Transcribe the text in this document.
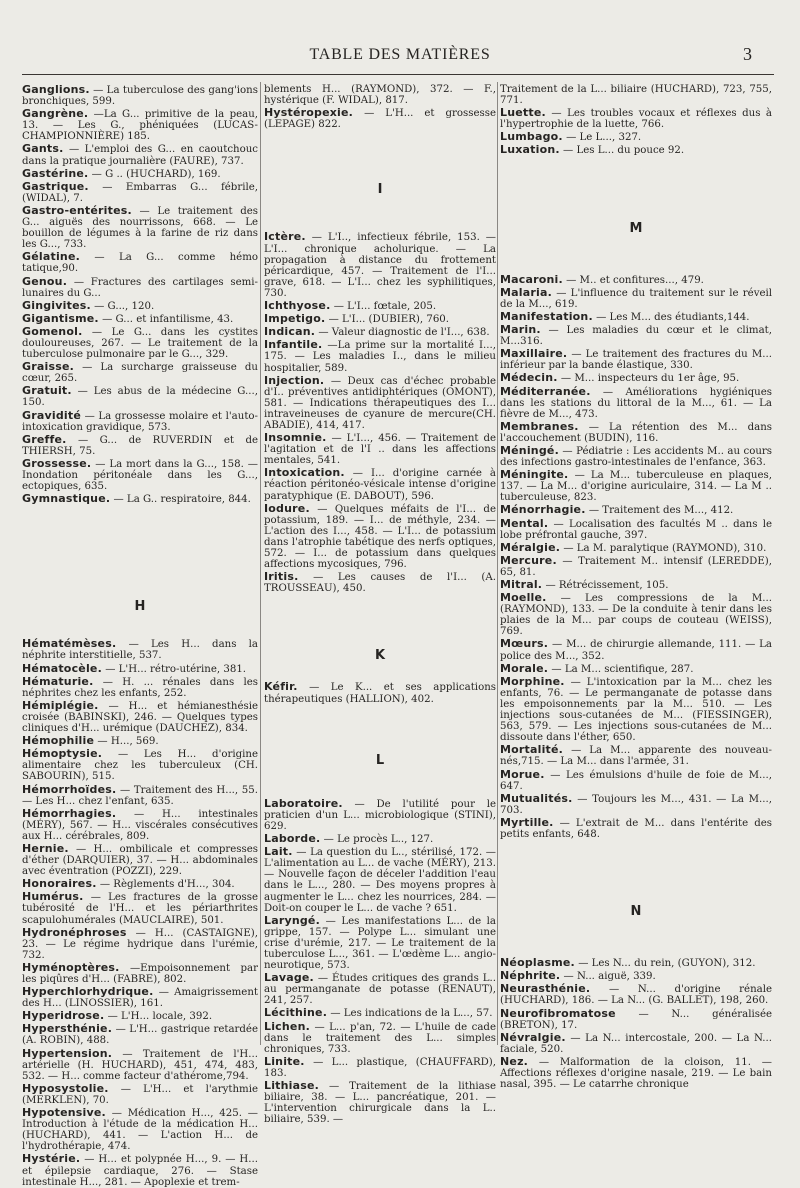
TABLE DES MATIÈRES	3
Ganglions. — La tuberculose des gang'ions bronchiques, 599.
Gangrène. —La G... primitive de la peau, 13. — Les G., phéniquées (LUCAS-CHAMPIONNIÈRE) 185.
Gants. — L'emploi des G... en caoutchouc dans la pratique journalière (FAURE), 737.
Gastérine. — G .. (HUCHARD), 169.
Gastrique. — Embarras G... fébrile, (WIDAL), 7.
Gastro-entérites. — Le traitement des G... aiguës des nourrissons, 668. — Le bouillon de légumes à la farine de riz dans les G..., 733.
Gélatine. — La G... comme hémo tatique,90.
Genou. — Fractures des cartilages semi-lunaires du G...
Gingivites. — G..., 120.
Gigantisme. — G... et infantilisme, 43.
Gomenol. — Le G... dans les cystites douloureuses, 267. — Le traitement de la tuberculose pulmonaire par le G..., 329.
Graisse. — La surcharge graisseuse du cœur, 265.
Gratuit. — Les abus de la médecine G..., 150.
Gravidité — La grossesse molaire et l'auto-intoxication gravidique, 573.
Greffe. — G... de RUVERDIN et de THIERSH, 75.
Grossesse. — La mort dans la G..., 158. — Inondation péritonéale dans les G..., ectopiques, 635.
Gymnastique. — La G.. respiratoire, 844.
H
Hématémèses. — Les H... dans la néphrite interstitielle, 537.
Hématocèle. — L'H... rétro-utérine, 381.
Hématurie. — H. ... rénales dans les néphrites chez les enfants, 252.
Hémiplégie. — H... et hémianesthésie croisée (BABINSKI), 246. — Quelques types cliniques d'H... urémique (DAUCHEZ), 834.
Hémophilie — H..., 569.
Hémoptysie. — Les H... d'origine alimentaire chez les tuberculeux (CH. SABOURIN), 515.
Hémorrhoïdes. — Traitement des H..., 55. — Les H... chez l'enfant, 635.
Hémorrhagies. — H... intestinales (MÉRY), 567. — H... viscérales consécutives aux H... cérébrales, 809.
Hernie. — H... ombilicale et compresses d'éther (DARQUIER), 37. — H... abdominales avec éventration (POZZI), 229.
Honoraires. — Règlements d'H..., 304.
Humérus. — Les fractures de la grosse tubérosité de l'H... et les périarthrites scapulohumérales (MAUCLAIRE), 501.
Hydronéphroses — H... (CASTAIGNE), 23. — Le régime hydrique dans l'urémie, 732.
Hyménoptères. —Empoisonnement par les piqûres d'H... (FABRE), 802.
Hyperchlorhydrique. — Amaigrissement des H... (LINOSSIER), 161.
Hyperidrose. — L'H... locale, 392.
Hypersthénie. — L'H... gastrique retardée (A. ROBIN), 488.
Hypertension. — Traitement de l'H... artérielle (H. HUCHARD), 451, 474, 483, 532. — H... comme facteur d'athérome,794.
Hyposystolie. — L'H... et l'arythmie (MERKLEN), 70.
Hypotensive. — Médication H..., 425. — Introduction à l'étude de la médication H... (HUCHARD), 441. — L'action H... de l'hydrothérapie, 474.
Hystérie. — H... et polypnée H..., 9. — H... et épilepsie cardiaque, 276. — Stase intestinale H..., 281. — Apoplexie et trem-
blements H... (RAYMOND), 372. — F., hystérique (F. WIDAL), 817.
Hystéropexie. — L'H... et grossesse (LEPAGE) 822.
I
Ictère. — L'I.., infectieux fébrile, 153. — L'I... chronique acholurique. — La propagation à distance du frottement péricardique, 457. — Traitement de l'I... grave, 618. — L'I... chez les syphilitiques, 730.
Ichthyose. — L'I... fœtale, 205.
Impetigo. — L'I... (DUBIER), 760.
Indican. — Valeur diagnostic de l'I..., 638.
Infantile. —La prime sur la mortalité I..., 175. — Les maladies I.., dans le milieu hospitalier, 589.
Injection. — Deux cas d'échec probable d'I.. préventives antidiphtériques (OMONT), 581. — Indications thérapeutiques des I... intraveineuses de cyanure de mercure(CH. ABADIE), 414, 417.
Insomnie. — L'I..., 456. — Traitement de l'agitation et de l'I .. dans les affections mentales, 541.
Intoxication. — I... d'origine carnée à réaction péritonéo-vésicale intense d'origine paratyphique (E. DABOUT), 596.
Iodure. — Quelques méfaits de l'I... de potassium, 189. — I... de méthyle, 234. — L'action des I..., 458. — L'I... de potassium dans l'atrophie tabétique des nerfs optiques, 572. — I... de potassium dans quelques affections mycosiques, 796.
Iritis. — Les causes de l'I... (A. TROUSSEAU), 450.
K
Kéfir. — Le K... et ses applications thérapeutiques (HALLION), 402.
L
Laboratoire. — De l'utilité pour le praticien d'un L... microbiologique (STINI), 629.
Laborde. — Le procès L.., 127.
Lait. — La question du L.., stérilisé, 172. — L'alimentation au L... de vache (MÉRY), 213. — Nouvelle façon de déceler l'addition l'eau dans le L..., 280. — Des moyens propres à augmenter le L... chez les nourrices, 284. — Doit-on couper le L... de vache ? 651.
Laryngé. — Les manifestations L... de la grippe, 157. — Polype L... simulant une crise d'urémie, 217. — Le traitement de la tuberculose L..., 361. — L'œdème L... angio-neurotique, 573.
Lavage. — Études critiques des grands L.. au permanganate de potasse (RENAUT), 241, 257.
Lécithine. — Les indications de la L..., 57.
Lichen. — L... p'an, 72. — L'huile de cade dans le traitement des L... simples chroniques, 733.
Linite. — L... plastique, (CHAUFFARD), 183.
Lithiase. — Traitement de la lithiase biliaire, 38. — L... pancréatique, 201. — L'intervention chirurgicale dans la L.. biliaire, 539. —
Traitement de la L... biliaire (HUCHARD), 723, 755, 771.
Luette. — Les troubles vocaux et réflexes dus à l'hypertrophie de la luette, 766.
Lumbago. — Le L..., 327.
Luxation. — Les L... du pouce 92.
M
Macaroni. — M.. et confitures..., 479.
Malaria. — L'influence du traitement sur le réveil de la M..., 619.
Manifestation. — Les M... des étudiants,144.
Marin. — Les maladies du cœur et le climat, M...316.
Maxillaire. — Le traitement des fractures du M... inférieur par la bande élastique, 330.
Médecin. — M... inspecteurs du 1er âge, 95.
Méditerranée. — Améliorations hygiéniques dans les stations du littoral de la M..., 61. — La fièvre de M..., 473.
Membranes. — La rétention des M... dans l'accouchement (BUDIN), 116.
Méningé. — Pédiatrie : Les accidents M.. au cours des infections gastro-intestinales de l'enfance, 363.
Méningite. — La M... tuberculeuse en plaques, 137. — La M... d'origine auriculaire, 314. — La M .. tuberculeuse, 823.
Ménorrhagie. — Traitement des M..., 412.
Mental. — Localisation des facultés M .. dans le lobe préfrontal gauche, 397.
Méralgie. — La M. paralytique (RAYMOND), 310.
Mercure. — Traitement M.. intensif (LEREDDE), 65, 81.
Mitral. — Rétrécissement, 105.
Moelle. — Les compressions de la M... (RAYMOND), 133. — De la conduite à tenir dans les plaies de la M... par coups de couteau (WEISS), 769.
Mœurs. — M... de chirurgie allemande, 111. — La police des M..., 352.
Morale. — La M... scientifique, 287.
Morphine. — L'intoxication par la M... chez les enfants, 76. — Le permanganate de potasse dans les empoisonnements par la M... 510. — Les injections sous-cutanées de M... (FIESSINGER), 563, 579. — Les injections sous-cutanées de M... dissoute dans l'éther, 650.
Mortalité. — La M... apparente des nouveau-nés,715. — La M... dans l'armée, 31.
Morue. — Les émulsions d'huile de foie de M..., 647.
Mutualités. — Toujours les M..., 431. — La M..., 703.
Myrtille. — L'extrait de M... dans l'entérite des petits enfants, 648.
N
Néoplasme. — Les N... du rein, (GUYON), 312.
Néphrite. — N... aiguë, 339.
Neurasthénie. — N... d'origine rénale (HUCHARD), 186. — La N... (G. BALLET), 198, 260.
Neurofibromatose — N... généralisée (BRETON), 17.
Névralgie. — La N... intercostale, 200. — La N... faciale, 520.
Nez. — Malformation de la cloison, 11. — Affections réflexes d'origine nasale, 219. — Le bain nasal, 395. — Le catarrhe chronique
